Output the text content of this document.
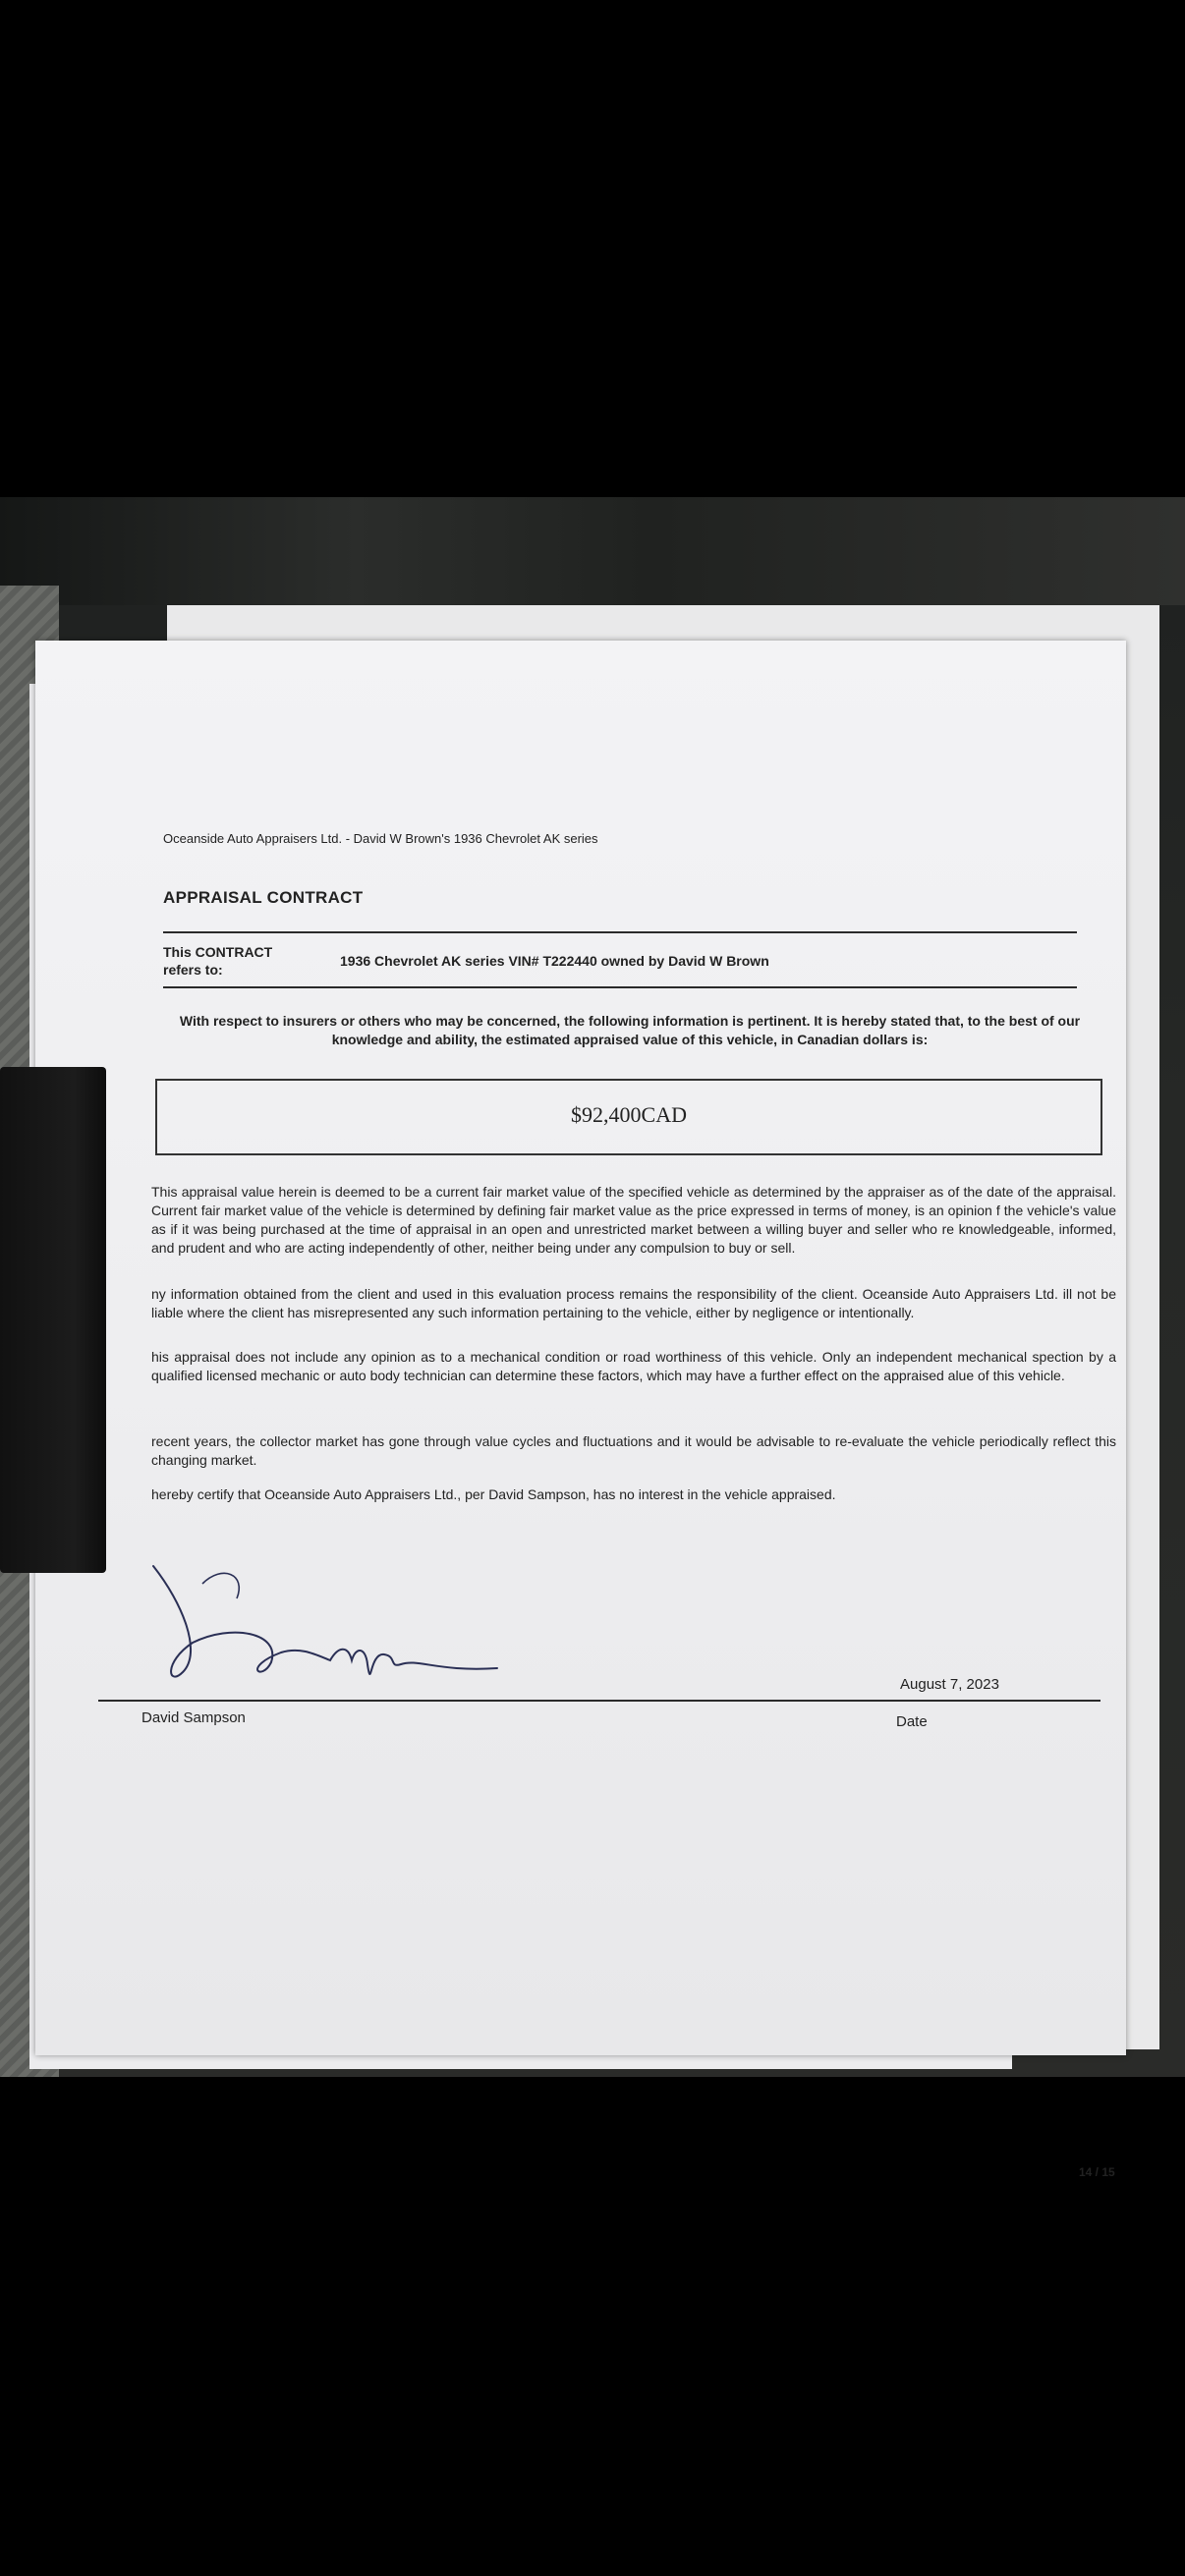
Oceanside Auto Appraisers Ltd. - David W Brown's 1936 Chevrolet AK series
APPRAISAL CONTRACT
This CONTRACT refers to:
1936 Chevrolet AK series VIN# T222440 owned by David W Brown
With respect to insurers or others who may be concerned, the following information is pertinent. It is hereby stated that, to the best of our knowledge and ability, the estimated appraised value of this vehicle, in Canadian dollars is:
$92,400CAD
This appraisal value herein is deemed to be a current fair market value of the specified vehicle as determined by the appraiser as of the date of the appraisal. Current fair market value of the vehicle is determined by defining fair market value as the price expressed in terms of money, is an opinion f the vehicle's value as if it was being purchased at the time of appraisal in an open and unrestricted market between a willing buyer and seller who re knowledgeable, informed, and prudent and who are acting independently of other, neither being under any compulsion to buy or sell.
ny information obtained from the client and used in this evaluation process remains the responsibility of the client. Oceanside Auto Appraisers Ltd. ill not be liable where the client has misrepresented any such information pertaining to the vehicle, either by negligence or intentionally.
his appraisal does not include any opinion as to a mechanical condition or road worthiness of this vehicle. Only an independent mechanical spection by a qualified licensed mechanic or auto body technician can determine these factors, which may have a further effect on the appraised alue of this vehicle.
recent years, the collector market has gone through value cycles and fluctuations and it would be advisable to re-evaluate the vehicle periodically reflect this changing market.
hereby certify that Oceanside Auto Appraisers Ltd., per David Sampson, has no interest in the vehicle appraised.
August 7, 2023
David Sampson	Date
14 / 15
